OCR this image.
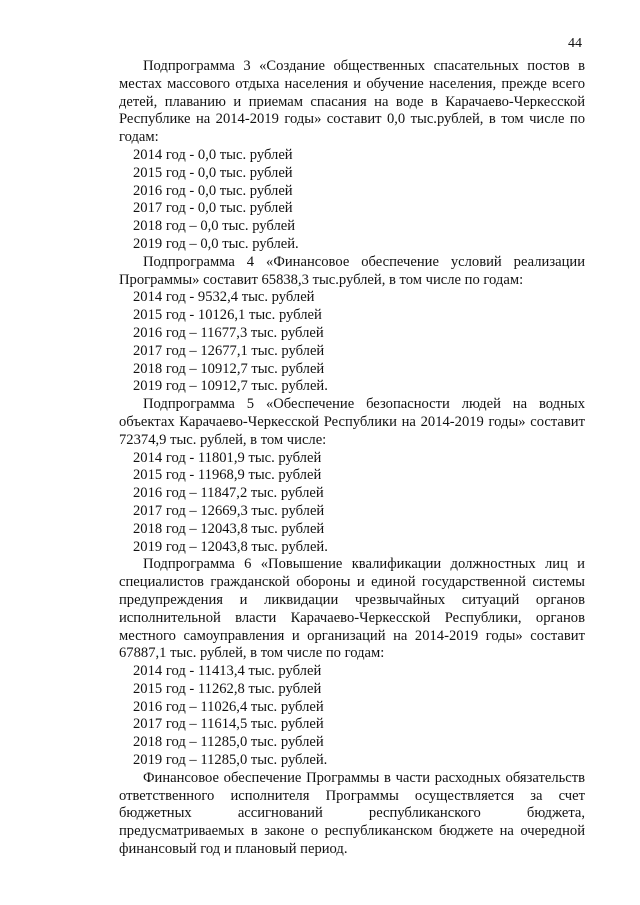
44

Подпрограмма 3 «Создание общественных спасательных постов в местах массового отдыха населения и обучение населения, прежде всего детей, плаванию и приемам спасания на воде в Карачаево-Черкесской Республике на 2014-2019 годы» составит 0,0 тыс.рублей, в том числе по годам:

2014 год - 0,0 тыс. рублей
2015 год - 0,0 тыс. рублей
2016 год - 0,0 тыс. рублей
2017 год - 0,0 тыс. рублей
2018 год – 0,0 тыс. рублей
2019 год – 0,0 тыс. рублей.

Подпрограмма 4 «Финансовое обеспечение условий реализации Программы» составит 65838,3 тыс.рублей, в том числе по годам:

2014 год - 9532,4 тыс. рублей
2015 год - 10126,1 тыс. рублей
2016 год – 11677,3 тыс. рублей
2017 год – 12677,1 тыс. рублей
2018 год – 10912,7 тыс. рублей
2019 год – 10912,7 тыс. рублей.

Подпрограмма 5 «Обеспечение безопасности людей на водных объектах Карачаево-Черкесской Республики на 2014-2019 годы» составит 72374,9 тыс. рублей, в том числе:

2014 год - 11801,9 тыс. рублей
2015 год - 11968,9 тыс. рублей
2016 год – 11847,2 тыс. рублей
2017 год – 12669,3 тыс. рублей
2018 год – 12043,8 тыс. рублей
2019 год – 12043,8 тыс. рублей.

Подпрограмма 6 «Повышение квалификации должностных лиц и специалистов гражданской обороны и единой государственной системы предупреждения и ликвидации чрезвычайных ситуаций органов исполнительной власти Карачаево-Черкесской Республики, органов местного самоуправления и организаций на 2014-2019 годы» составит 67887,1 тыс. рублей, в том числе по годам:

2014 год - 11413,4 тыс. рублей
2015 год - 11262,8 тыс. рублей
2016 год – 11026,4 тыс. рублей
2017 год – 11614,5 тыс. рублей
2018 год – 11285,0 тыс. рублей
2019 год – 11285,0 тыс. рублей.

Финансовое обеспечение Программы в части расходных обязательств ответственного исполнителя Программы осуществляется за счет бюджетных ассигнований республиканского бюджета, предусматриваемых в законе о республиканском бюджете на очередной финансовый год и плановый период.
